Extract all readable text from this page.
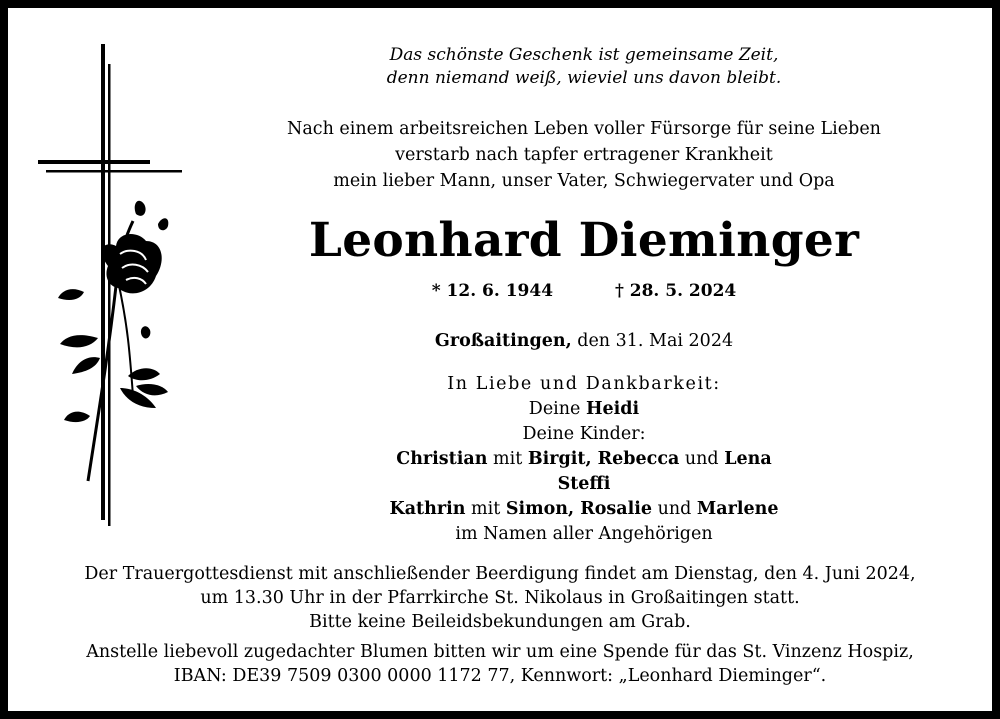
Das schönste Geschenk ist gemeinsame Zeit,
denn niemand weiß, wieviel uns davon bleibt.
Nach einem arbeitsreichen Leben voller Fürsorge für seine Lieben
verstarb nach tapfer ertragener Krankheit
mein lieber Mann, unser Vater, Schwiegervater und Opa
Leonhard Dieminger
* 12. 6. 1944	† 28. 5. 2024
Großaitingen, den 31. Mai 2024
In Liebe und Dankbarkeit:
Deine Heidi
Deine Kinder:
Christian mit Birgit, Rebecca und Lena
Steffi
Kathrin mit Simon, Rosalie und Marlene
im Namen aller Angehörigen
Der Trauergottesdienst mit anschließender Beerdigung findet am Dienstag, den 4. Juni 2024,
um 13.30 Uhr in der Pfarrkirche St. Nikolaus in Großaitingen statt.
Bitte keine Beileidsbekundungen am Grab.
Anstelle liebevoll zugedachter Blumen bitten wir um eine Spende für das St. Vinzenz Hospiz,
IBAN: DE39 7509 0300 0000 1172 77, Kennwort: „Leonhard Dieminger“.
